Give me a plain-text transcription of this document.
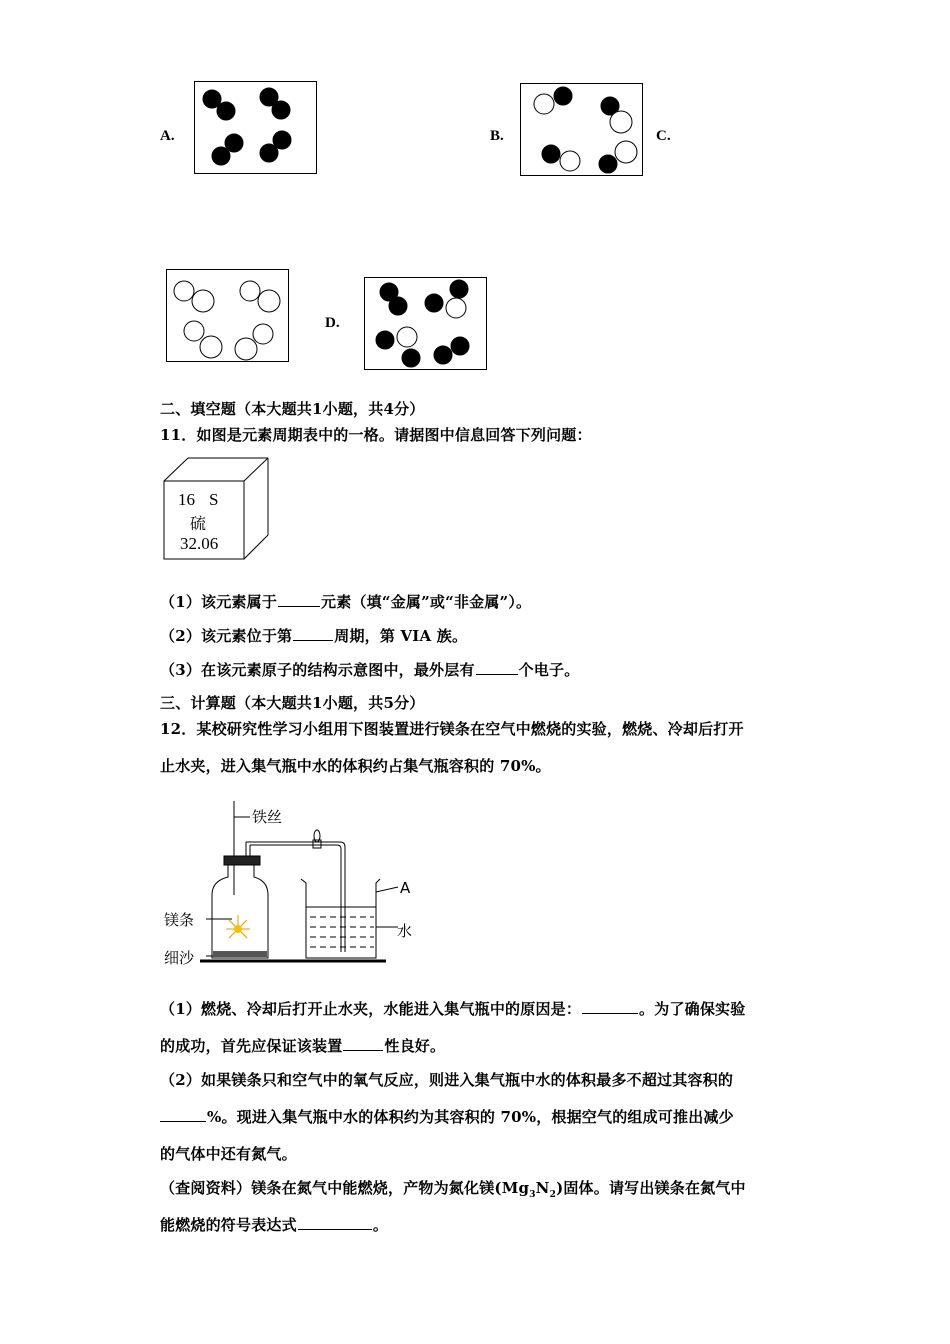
A.	B.	C.
D.
二、填空题（本大题共1小题，共4分）
11．如图是元素周期表中的一格。请据图中信息回答下列问题：
16 S
硫
32.06
（1）该元素属于	元素（填“金属”或“非金属”）。
（2）该元素位于第	周期，第 VIA 族。
（3）在该元素原子的结构示意图中，最外层有	个电子。
三、计算题（本大题共1小题，共5分）
12．某校研究性学习小组用下图装置进行镁条在空气中燃烧的实验，燃烧、冷却后打开
止水夹，进入集气瓶中水的体积约占集气瓶容积的 70%。
铁丝
镁条
细沙
A
水
（1）燃烧、冷却后打开止水夹，水能进入集气瓶中的原因是：	。为了确保实验
的成功，首先应保证该装置	性良好。
（2）如果镁条只和空气中的氧气反应，则进入集气瓶中水的体积最多不超过其容积的
%。现进入集气瓶中水的体积约为其容积的 70%，根据空气的组成可推出减少
的气体中还有氮气。
（查阅资料）镁条在氮气中能燃烧，产物为氮化镁$(Mg_3N_2)$固体。请写出镁条在氮气中
能燃烧的符号表达式	。
